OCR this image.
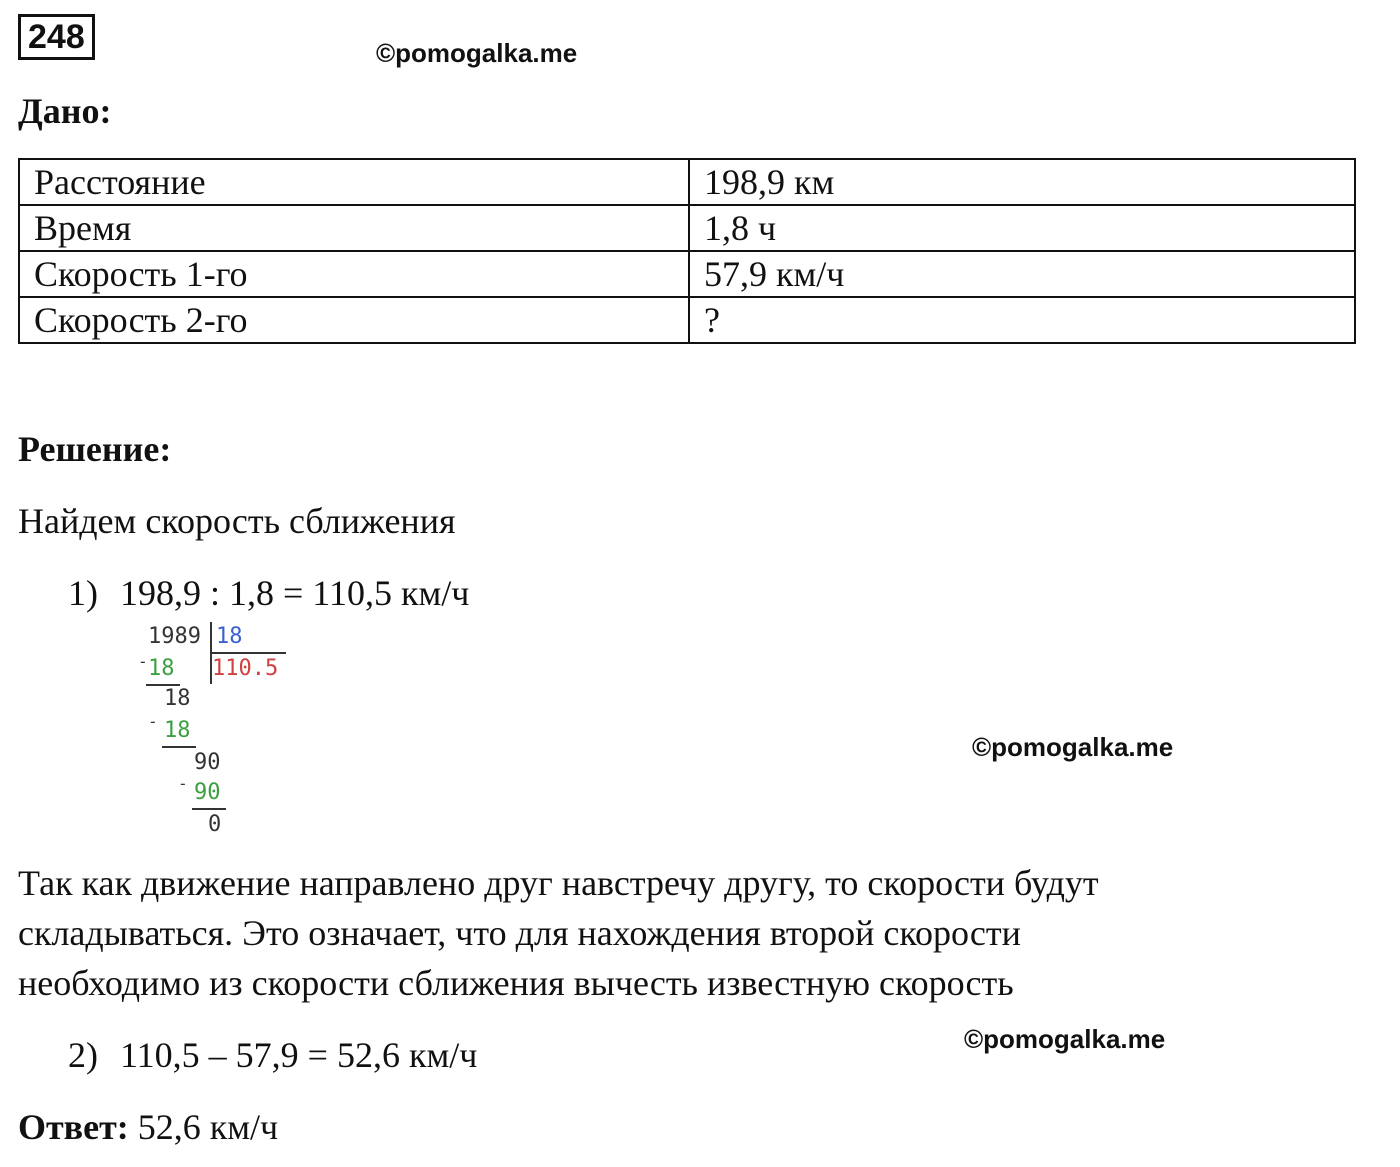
248	©pomogalka.me
Дано:
Расстояние	198,9 км
Время	1,8 ч
Скорость 1-го	57,9 км/ч
Скорость 2-го	?
Решение:
Найдем скорость сближения
1) 198,9 : 1,8 = 110,5 км/ч
1989 18
110.5
- 18
18
- 18
90
- 90
0
©pomogalka.me
Так как движение направлено друг навстречу другу, то скорости будут
складываться. Это означает, что для нахождения второй скорости
необходимо из скорости сближения вычесть известную скорость
©pomogalka.me
2) 110,5 – 57,9 = 52,6 км/ч
Ответ: 52,6 км/ч
